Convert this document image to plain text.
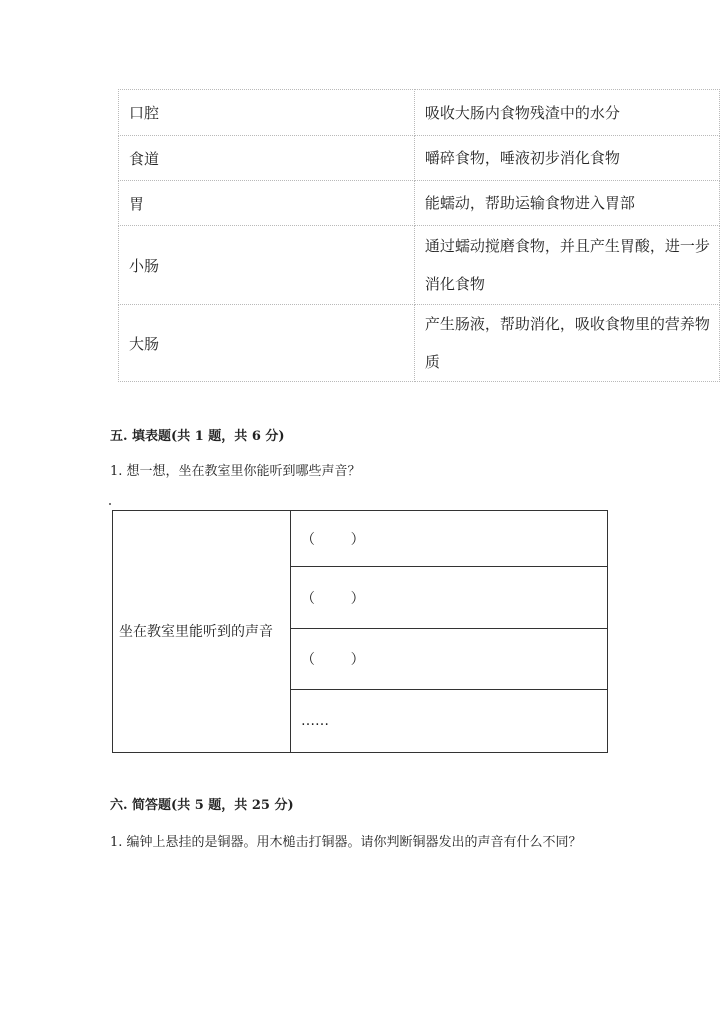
口腔	吸收大肠内食物残渣中的水分
食道	嚼碎食物，唾液初步消化食物
胃	能蠕动，帮助运输食物进入胃部
小肠	通过蠕动搅磨食物，并且产生胃酸，进一步消化食物
大肠	产生肠液，帮助消化，吸收食物里的营养物质
五. 填表题(共 1 题，共 6 分)
1. 想一想，坐在教室里你能听到哪些声音？
坐在教室里能听到的声音	（        ）
（        ）
（        ）
……
六. 简答题(共 5 题，共 25 分)
1. 编钟上悬挂的是铜器。用木槌击打铜器。请你判断铜器发出的声音有什么不同？
